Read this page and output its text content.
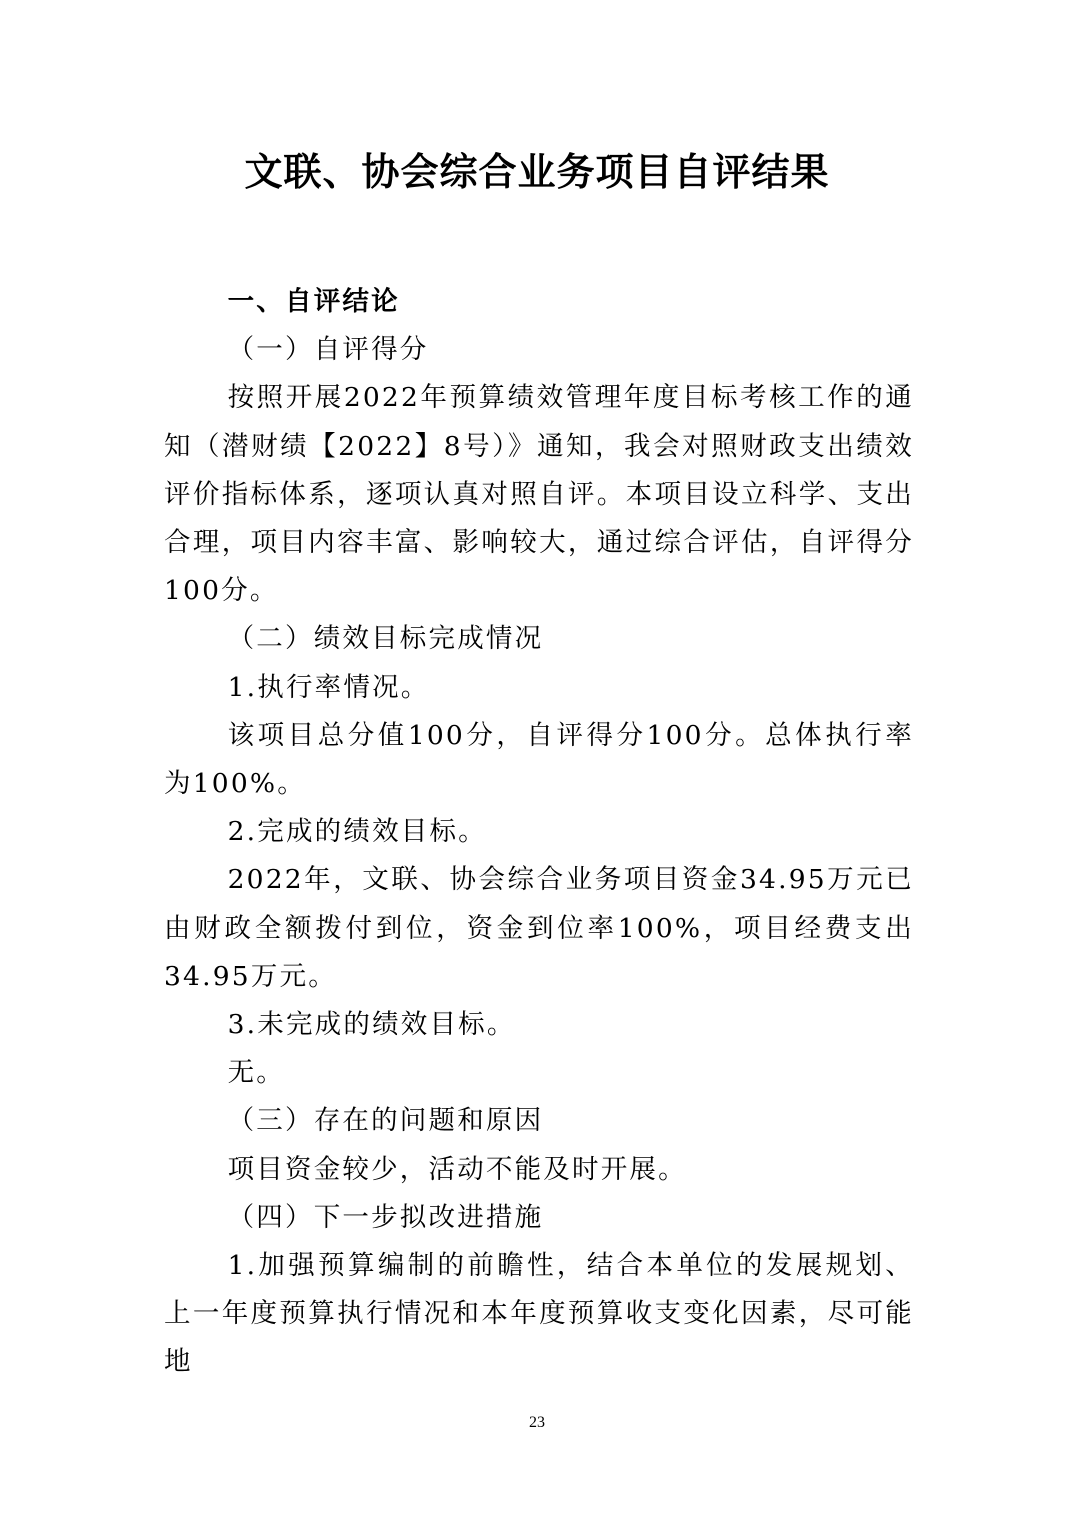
文联、协会综合业务项目自评结果

一、自评结论

（一）自评得分

按照开展2022年预算绩效管理年度目标考核工作的通知（潜财绩【2022】8号）》通知，我会对照财政支出绩效评价指标体系，逐项认真对照自评。本项目设立科学、支出合理，项目内容丰富、影响较大，通过综合评估，自评得分100分。

（二）绩效目标完成情况

1.执行率情况。

该项目总分值100分，自评得分100分。总体执行率为100%。

2.完成的绩效目标。

2022年，文联、协会综合业务项目资金34.95万元已由财政全额拨付到位，资金到位率100%，项目经费支出34.95万元。

3.未完成的绩效目标。

无。

（三）存在的问题和原因

项目资金较少，活动不能及时开展。

（四）下一步拟改进措施

1.加强预算编制的前瞻性，结合本单位的发展规划、上一年度预算执行情况和本年度预算收支变化因素，尽可能地

23
